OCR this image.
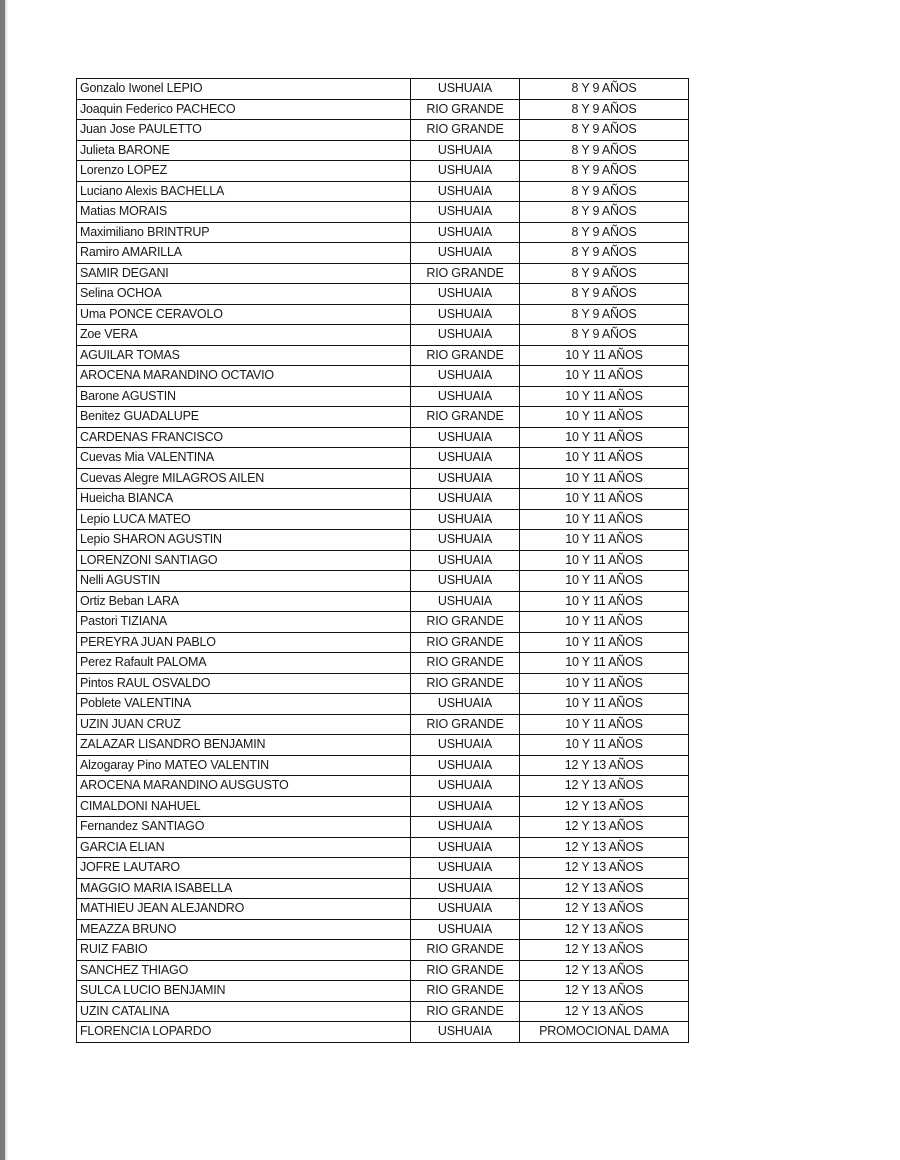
Gonzalo Iwonel LEPIO	USHUAIA	8 Y 9 AÑOS
Joaquin Federico PACHECO	RIO GRANDE	8 Y 9 AÑOS
Juan Jose PAULETTO	RIO GRANDE	8 Y 9 AÑOS
Julieta BARONE	USHUAIA	8 Y 9 AÑOS
Lorenzo LOPEZ	USHUAIA	8 Y 9 AÑOS
Luciano Alexis BACHELLA	USHUAIA	8 Y 9 AÑOS
Matias MORAIS	USHUAIA	8 Y 9 AÑOS
Maximiliano BRINTRUP	USHUAIA	8 Y 9 AÑOS
Ramiro AMARILLA	USHUAIA	8 Y 9 AÑOS
SAMIR DEGANI	RIO GRANDE	8 Y 9 AÑOS
Selina OCHOA	USHUAIA	8 Y 9 AÑOS
Uma PONCE CERAVOLO	USHUAIA	8 Y 9 AÑOS
Zoe VERA	USHUAIA	8 Y 9 AÑOS
AGUILAR TOMAS	RIO GRANDE	10 Y 11 AÑOS
AROCENA MARANDINO OCTAVIO	USHUAIA	10 Y 11 AÑOS
Barone AGUSTIN	USHUAIA	10 Y 11 AÑOS
Benitez GUADALUPE	RIO GRANDE	10 Y 11 AÑOS
CARDENAS FRANCISCO	USHUAIA	10 Y 11 AÑOS
Cuevas Mia VALENTINA	USHUAIA	10 Y 11 AÑOS
Cuevas Alegre MILAGROS AILEN	USHUAIA	10 Y 11 AÑOS
Hueicha BIANCA	USHUAIA	10 Y 11 AÑOS
Lepio LUCA MATEO	USHUAIA	10 Y 11 AÑOS
Lepio SHARON AGUSTIN	USHUAIA	10 Y 11 AÑOS
LORENZONI SANTIAGO	USHUAIA	10 Y 11 AÑOS
Nelli AGUSTIN	USHUAIA	10 Y 11 AÑOS
Ortiz Beban LARA	USHUAIA	10 Y 11 AÑOS
Pastori TIZIANA	RIO GRANDE	10 Y 11 AÑOS
PEREYRA JUAN PABLO	RIO GRANDE	10 Y 11 AÑOS
Perez Rafault PALOMA	RIO GRANDE	10 Y 11 AÑOS
Pintos RAUL OSVALDO	RIO GRANDE	10 Y 11 AÑOS
Poblete VALENTINA	USHUAIA	10 Y 11 AÑOS
UZIN JUAN CRUZ	RIO GRANDE	10 Y 11 AÑOS
ZALAZAR LISANDRO BENJAMIN	USHUAIA	10 Y 11 AÑOS
Alzogaray Pino MATEO VALENTIN	USHUAIA	12 Y 13 AÑOS
AROCENA MARANDINO AUSGUSTO	USHUAIA	12 Y 13 AÑOS
CIMALDONI NAHUEL	USHUAIA	12 Y 13 AÑOS
Fernandez SANTIAGO	USHUAIA	12 Y 13 AÑOS
GARCIA ELIAN	USHUAIA	12 Y 13 AÑOS
JOFRE LAUTARO	USHUAIA	12 Y 13 AÑOS
MAGGIO MARIA ISABELLA	USHUAIA	12 Y 13 AÑOS
MATHIEU JEAN ALEJANDRO	USHUAIA	12 Y 13 AÑOS
MEAZZA BRUNO	USHUAIA	12 Y 13 AÑOS
RUIZ FABIO	RIO GRANDE	12 Y 13 AÑOS
SANCHEZ THIAGO	RIO GRANDE	12 Y 13 AÑOS
SULCA LUCIO BENJAMIN	RIO GRANDE	12 Y 13 AÑOS
UZIN CATALINA	RIO GRANDE	12 Y 13 AÑOS
FLORENCIA LOPARDO	USHUAIA	PROMOCIONAL DAMA
